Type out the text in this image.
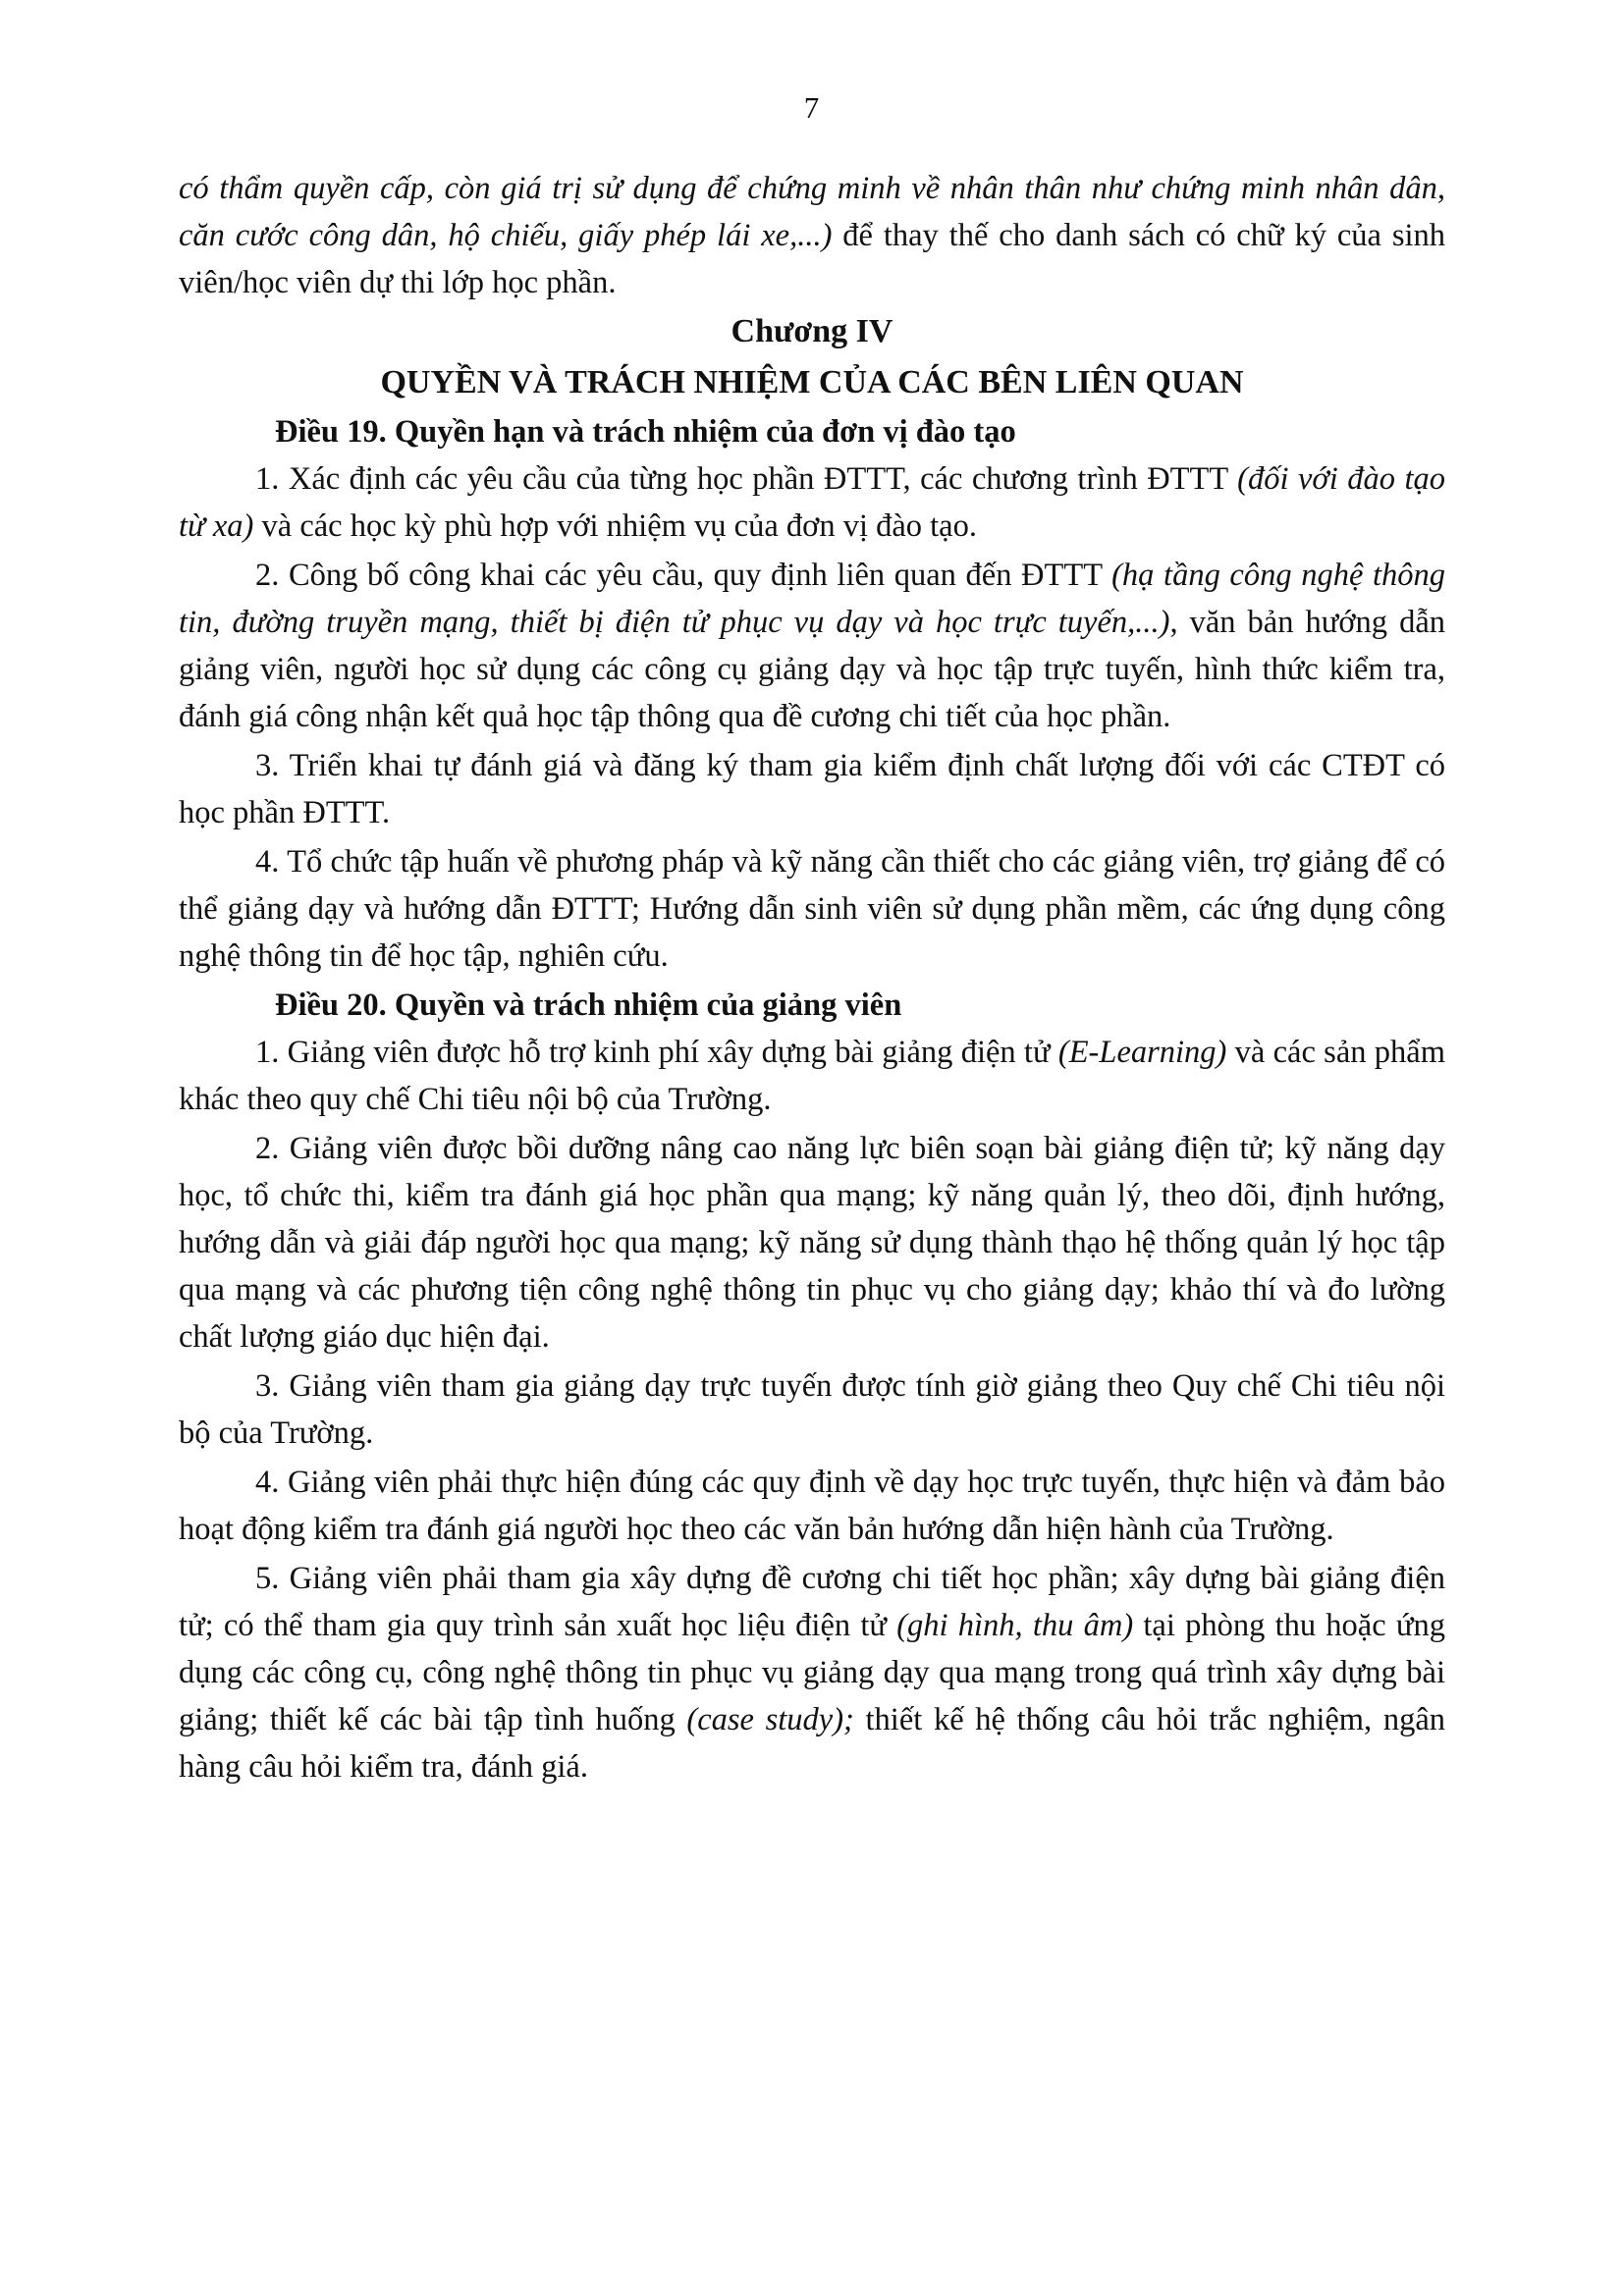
7

có thẩm quyền cấp, còn giá trị sử dụng để chứng minh về nhân thân như chứng minh nhân dân, căn cước công dân, hộ chiếu, giấy phép lái xe,...) để thay thế cho danh sách có chữ ký của sinh viên/học viên dự thi lớp học phần.

Chương IV

QUYỀN VÀ TRÁCH NHIỆM CỦA CÁC BÊN LIÊN QUAN

Điều 19. Quyền hạn và trách nhiệm của đơn vị đào tạo

1. Xác định các yêu cầu của từng học phần ĐTTT, các chương trình ĐTTT (đối với đào tạo từ xa) và các học kỳ phù hợp với nhiệm vụ của đơn vị đào tạo.

2. Công bố công khai các yêu cầu, quy định liên quan đến ĐTTT (hạ tầng công nghệ thông tin, đường truyền mạng, thiết bị điện tử phục vụ dạy và học trực tuyến,...), văn bản hướng dẫn giảng viên, người học sử dụng các công cụ giảng dạy và học tập trực tuyến, hình thức kiểm tra, đánh giá công nhận kết quả học tập thông qua đề cương chi tiết của học phần.

3. Triển khai tự đánh giá và đăng ký tham gia kiểm định chất lượng đối với các CTĐT có học phần ĐTTT.

4. Tổ chức tập huấn về phương pháp và kỹ năng cần thiết cho các giảng viên, trợ giảng để có thể giảng dạy và hướng dẫn ĐTTT; Hướng dẫn sinh viên sử dụng phần mềm, các ứng dụng công nghệ thông tin để học tập, nghiên cứu.

Điều 20. Quyền và trách nhiệm của giảng viên

1. Giảng viên được hỗ trợ kinh phí xây dựng bài giảng điện tử (E-Learning) và các sản phẩm khác theo quy chế Chi tiêu nội bộ của Trường.

2. Giảng viên được bồi dưỡng nâng cao năng lực biên soạn bài giảng điện tử; kỹ năng dạy học, tổ chức thi, kiểm tra đánh giá học phần qua mạng; kỹ năng quản lý, theo dõi, định hướng, hướng dẫn và giải đáp người học qua mạng; kỹ năng sử dụng thành thạo hệ thống quản lý học tập qua mạng và các phương tiện công nghệ thông tin phục vụ cho giảng dạy; khảo thí và đo lường chất lượng giáo dục hiện đại.

3. Giảng viên tham gia giảng dạy trực tuyến được tính giờ giảng theo Quy chế Chi tiêu nội bộ của Trường.

4. Giảng viên phải thực hiện đúng các quy định về dạy học trực tuyến, thực hiện và đảm bảo hoạt động kiểm tra đánh giá người học theo các văn bản hướng dẫn hiện hành của Trường.

5. Giảng viên phải tham gia xây dựng đề cương chi tiết học phần; xây dựng bài giảng điện tử; có thể tham gia quy trình sản xuất học liệu điện tử (ghi hình, thu âm) tại phòng thu hoặc ứng dụng các công cụ, công nghệ thông tin phục vụ giảng dạy qua mạng trong quá trình xây dựng bài giảng; thiết kế các bài tập tình huống (case study); thiết kế hệ thống câu hỏi trắc nghiệm, ngân hàng câu hỏi kiểm tra, đánh giá.
